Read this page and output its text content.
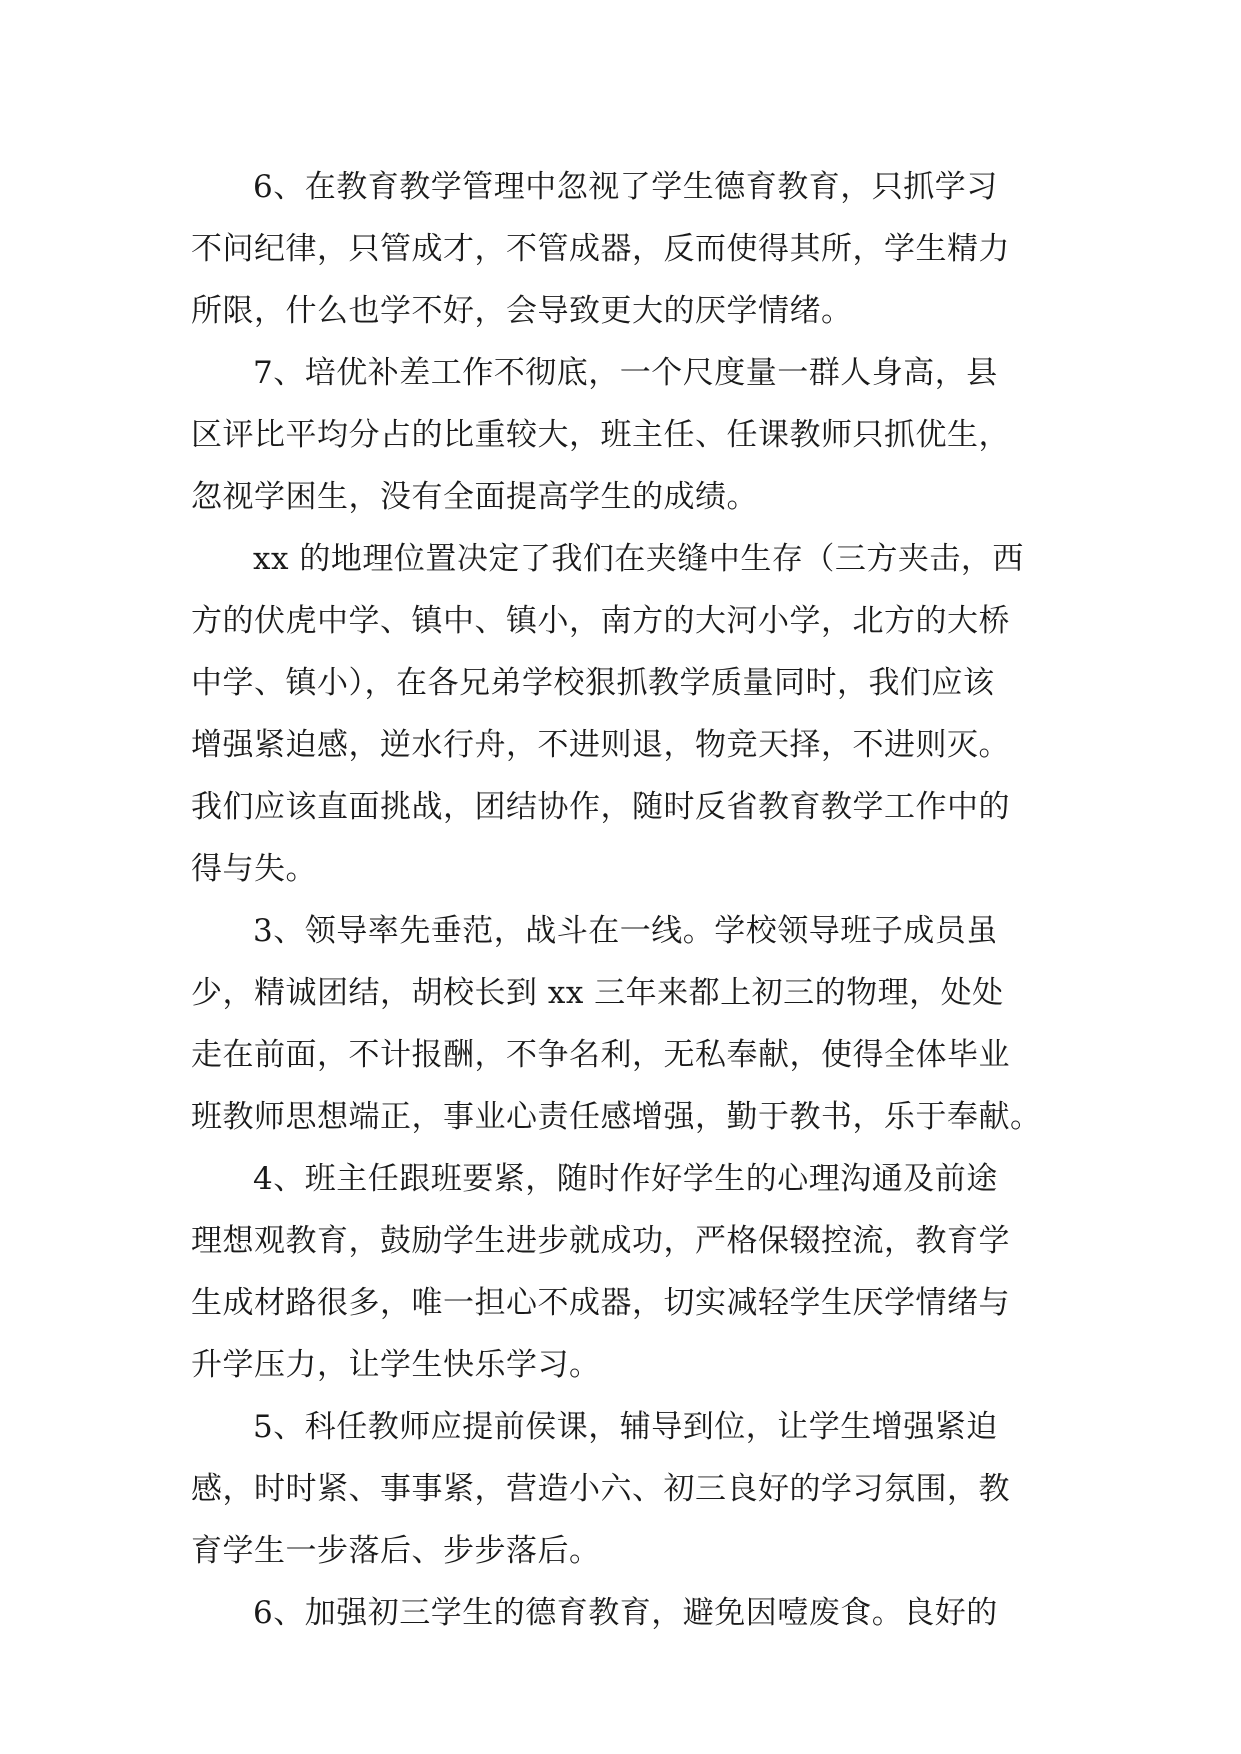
6、在教育教学管理中忽视了学生德育教育，只抓学习
不问纪律，只管成才，不管成器，反而使得其所，学生精力
所限，什么也学不好，会导致更大的厌学情绪。
7、培优补差工作不彻底，一个尺度量一群人身高，县
区评比平均分占的比重较大，班主任、任课教师只抓优生，
忽视学困生，没有全面提高学生的成绩。
xx 的地理位置决定了我们在夹缝中生存（三方夹击，西
方的伏虎中学、镇中、镇小，南方的大河小学，北方的大桥
中学、镇小），在各兄弟学校狠抓教学质量同时，我们应该
增强紧迫感，逆水行舟，不进则退，物竞天择，不进则灭。
我们应该直面挑战，团结协作，随时反省教育教学工作中的
得与失。
3、领导率先垂范，战斗在一线。学校领导班子成员虽
少，精诚团结，胡校长到 xx 三年来都上初三的物理，处处
走在前面，不计报酬，不争名利，无私奉献，使得全体毕业
班教师思想端正，事业心责任感增强，勤于教书，乐于奉献。
4、班主任跟班要紧，随时作好学生的心理沟通及前途
理想观教育，鼓励学生进步就成功，严格保辍控流，教育学
生成材路很多，唯一担心不成器，切实减轻学生厌学情绪与
升学压力，让学生快乐学习。
5、科任教师应提前侯课，辅导到位，让学生增强紧迫
感，时时紧、事事紧，营造小六、初三良好的学习氛围，教
育学生一步落后、步步落后。
6、加强初三学生的德育教育，避免因噎废食。良好的
